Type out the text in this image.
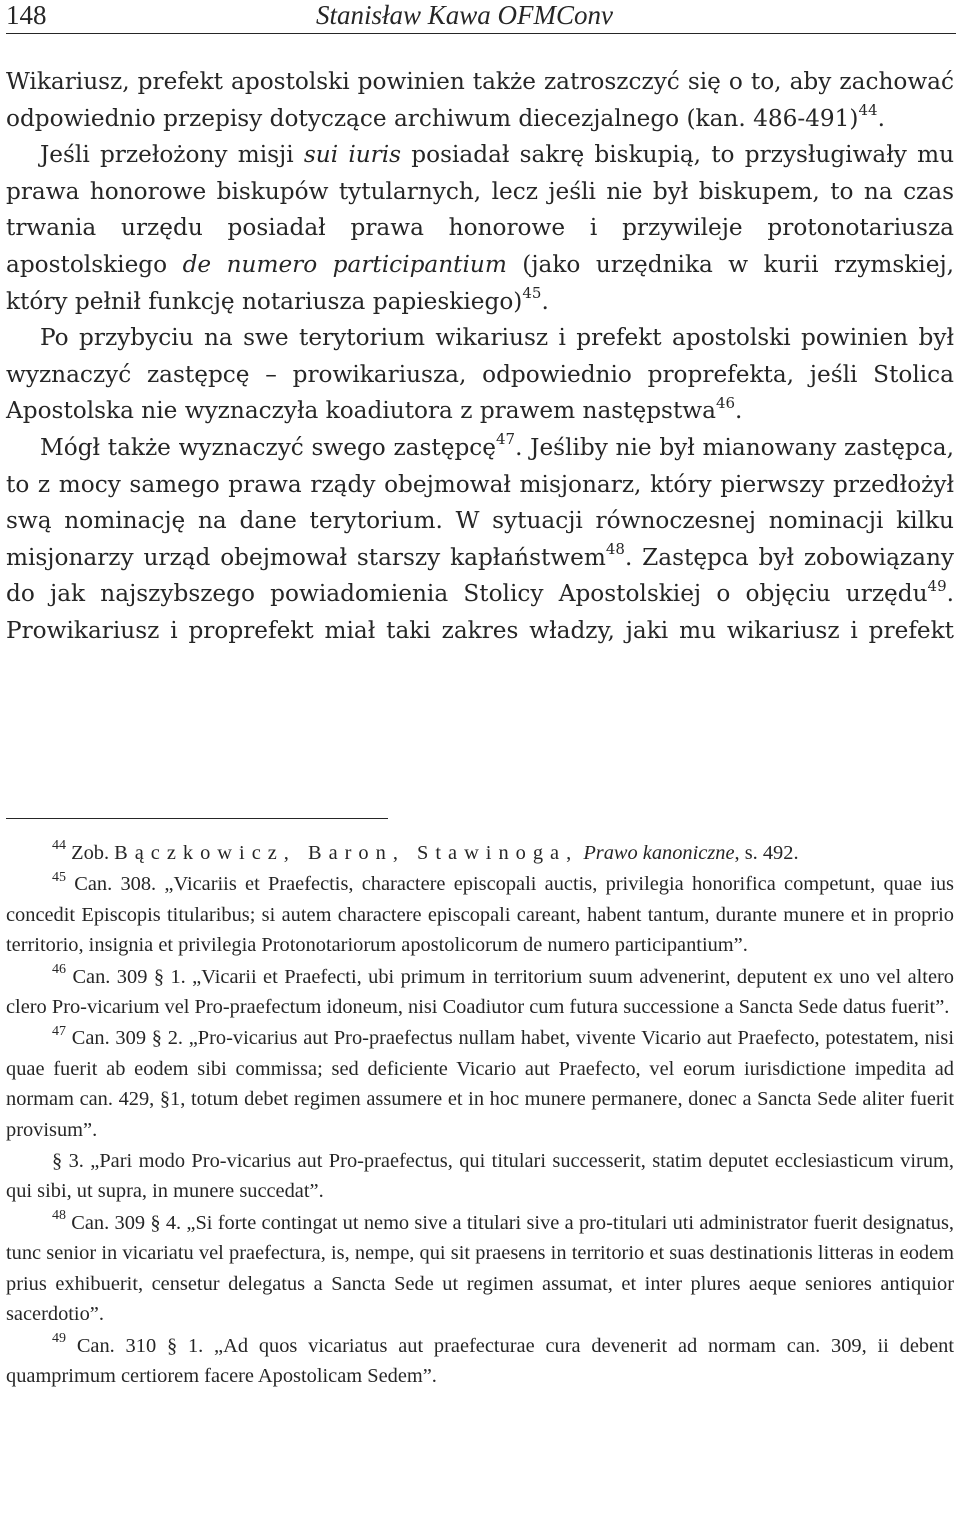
148	Stanisław Kawa OFMConv

Wikariusz, prefekt apostolski powinien także zatroszczyć się o to, aby zachować odpowiednio przepisy dotyczące archiwum diecezjalnego (kan. 486-491)$^{44}$.

Jeśli przełożony misji sui iuris posiadał sakrę biskupią, to przysługiwały mu prawa honorowe biskupów tytularnych, lecz jeśli nie był biskupem, to na czas trwania urzędu posiadał prawa honorowe i przywileje protonotariusza apostolskiego de numero participantium (jako urzędnika w kurii rzymskiej, który pełnił funkcję notariusza papieskiego)$^{45}$.

Po przybyciu na swe terytorium wikariusz i prefekt apostolski powinien był wyznaczyć zastępcę – prowikariusza, odpowiednio proprefekta, jeśli Stolica Apostolska nie wyznaczyła koadiutora z prawem następstwa$^{46}$.

Mógł także wyznaczyć swego zastępcę$^{47}$. Jeśliby nie był mianowany zastępca, to z mocy samego prawa rządy obejmował misjonarz, który pierwszy przedłożył swą nominację na dane terytorium. W sytuacji równoczesnej nominacji kilku misjonarzy urząd obejmował starszy kapłaństwem$^{48}$. Zastępca był zobowiązany do jak najszybszego powiadomienia Stolicy Apostolskiej o objęciu urzędu$^{49}$. Prowikariusz i proprefekt miał taki zakres władzy, jaki mu wikariusz i prefekt

$^{44}$ Zob. Bączkowicz, Baron, Stawinoga, Prawo kanoniczne, s. 492.

$^{45}$ Can. 308. „Vicariis et Praefectis, charactere episcopali auctis, privilegia honorifica competunt, quae ius concedit Episcopis titularibus; si autem charactere episcopali careant, habent tantum, durante munere et in proprio territorio, insignia et privilegia Protonotariorum apostolicorum de numero participantium”.

$^{46}$ Can. 309 § 1. „Vicarii et Praefecti, ubi primum in territorium suum advenerint, deputent ex uno vel altero clero Pro-vicarium vel Pro-praefectum idoneum, nisi Coadiutor cum futura successione a Sancta Sede datus fuerit”.

$^{47}$ Can. 309 § 2. „Pro-vicarius aut Pro-praefectus nullam habet, vivente Vicario aut Praefecto, potestatem, nisi quae fuerit ab eodem sibi commissa; sed deficiente Vicario aut Praefecto, vel eorum iurisdictione impedita ad normam can. 429, §1, totum debet regimen assumere et in hoc munere permanere, donec a Sancta Sede aliter fuerit provisum”.

§ 3. „Pari modo Pro-vicarius aut Pro-praefectus, qui titulari successerit, statim deputet ecclesiasticum virum, qui sibi, ut supra, in munere succedat”.

$^{48}$ Can. 309 § 4. „Si forte contingat ut nemo sive a titulari sive a pro-titulari uti administrator fuerit designatus, tunc senior in vicariatu vel praefectura, is, nempe, qui sit praesens in territorio et suas destinationis litteras in eodem prius exhibuerit, censetur delegatus a Sancta Sede ut regimen assumat, et inter plures aeque seniores antiquior sacerdotio”.

$^{49}$ Can. 310 § 1. „Ad quos vicariatus aut praefecturae cura devenerit ad normam can. 309, ii debent quamprimum certiorem facere Apostolicam Sedem”.
